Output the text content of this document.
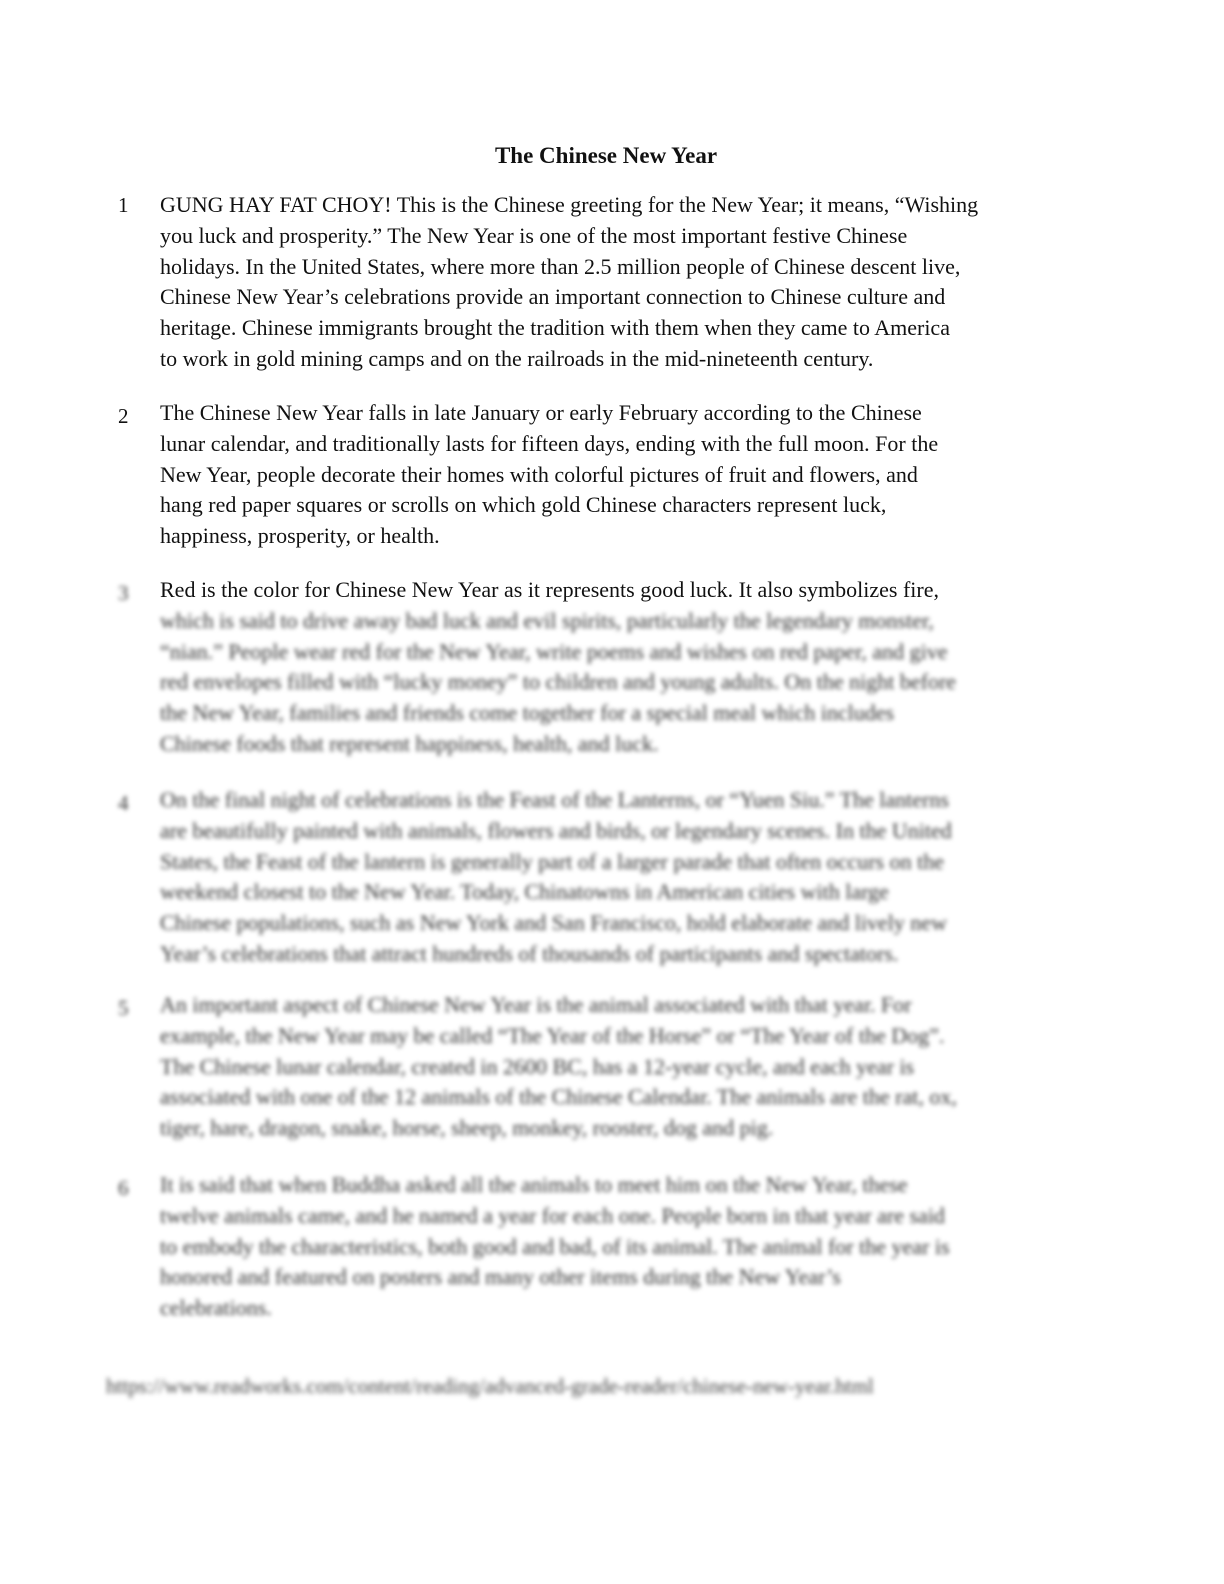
The Chinese New Year
1 GUNG HAY FAT CHOY! This is the Chinese greeting for the New Year; it means, “Wishing
you luck and prosperity.” The New Year is one of the most important festive Chinese
holidays. In the United States, where more than 2.5 million people of Chinese descent live,
Chinese New Year’s celebrations provide an important connection to Chinese culture and
heritage. Chinese immigrants brought the tradition with them when they came to America
to work in gold mining camps and on the railroads in the mid-nineteenth century.
2 The Chinese New Year falls in late January or early February according to the Chinese
lunar calendar, and traditionally lasts for fifteen days, ending with the full moon. For the
New Year, people decorate their homes with colorful pictures of fruit and flowers, and
hang red paper squares or scrolls on which gold Chinese characters represent luck,
happiness, prosperity, or health.
3 Red is the color for Chinese New Year as it represents good luck. It also symbolizes fire,
which is said to drive away bad luck and evil spirits, particularly the legendary monster,
“nian.” People wear red for the New Year, write poems and wishes on red paper, and give
red envelopes filled with “lucky money” to children and young adults. On the night before
the New Year, families and friends come together for a special meal which includes
Chinese foods that represent happiness, health, and luck.
4 On the final night of celebrations is the Feast of the Lanterns, or “Yuen Siu.” The lanterns
are beautifully painted with animals, flowers and birds, or legendary scenes. In the United
States, the Feast of the lantern is generally part of a larger parade that often occurs on the
weekend closest to the New Year. Today, Chinatowns in American cities with large
Chinese populations, such as New York and San Francisco, hold elaborate and lively new
Year’s celebrations that attract hundreds of thousands of participants and spectators.
5 An important aspect of Chinese New Year is the animal associated with that year. For
example, the New Year may be called “The Year of the Horse” or “The Year of the Dog”.
The Chinese lunar calendar, created in 2600 BC, has a 12-year cycle, and each year is
associated with one of the 12 animals of the Chinese Calendar. The animals are the rat, ox,
tiger, hare, dragon, snake, horse, sheep, monkey, rooster, dog and pig.
6 It is said that when Buddha asked all the animals to meet him on the New Year, these
twelve animals came, and he named a year for each one. People born in that year are said
to embody the characteristics, both good and bad, of its animal. The animal for the year is
honored and featured on posters and many other items during the New Year’s
celebrations.
https://www.readworks.com/content/reading/advanced-grade-reader/chinese-new-year.html
